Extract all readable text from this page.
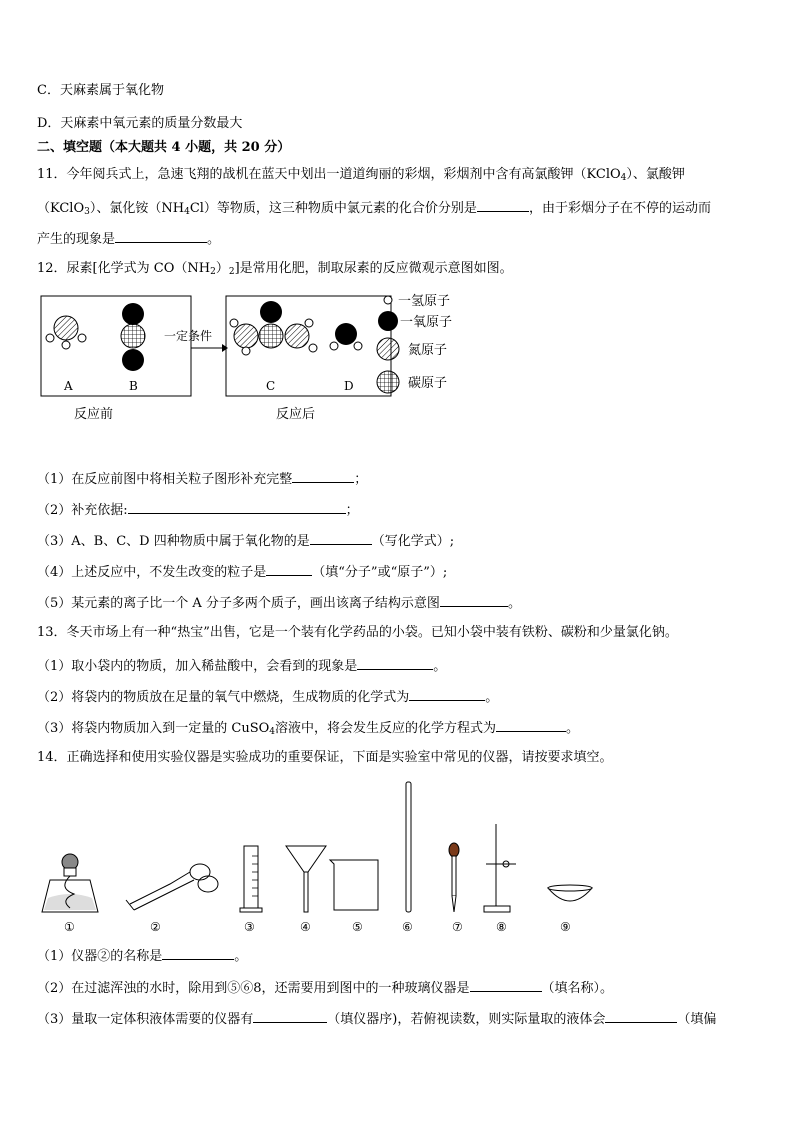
C．天麻素属于氧化物
D．天麻素中氧元素的质量分数最大
二、填空题（本大题共 4 小题，共 20 分）
11．今年阅兵式上，急速飞翔的战机在蓝天中划出一道道绚丽的彩烟，彩烟剂中含有高氯酸钾（KClO$_4$）、氯酸钾
（KClO$_3$）、氯化铵$(NH_4Cl)$等物质，这三种物质中氯元素的化合价分别是	，由于彩烟分子在不停的运动而
产生的现象是	。
12．尿素[化学式为 $CO(NH_2)_2$]是常用化肥，制取尿素的反应微观示意图如图。
A	B
一定条件
C	D
反应前	反应后
一氢原子
一氧原子
氮原子
碳原子
（1）在反应前图中将相关粒子图形补充完整	；
（2）补充依据:	；
（3）A、B、C、D 四种物质中属于氧化物的是	（写化学式）;
（4）上述反应中，不发生改变的粒子是	（填“分子”或“原子”）;
（5）某元素的离子比一个 A 分子多两个质子，画出该离子结构示意图	。
13．冬天市场上有一种“热宝”出售，它是一个装有化学药品的小袋。已知小袋中装有铁粉、碳粉和少量氯化钠。
（1）取小袋内的物质，加入稀盐酸中，会看到的现象是	。
（2）将袋内的物质放在足量的氧气中燃烧，生成物质的化学式为	。
（3）将袋内物质加入到一定量的 CuSO$_4$溶液中，将会发生反应的化学方程式为	。
14．正确选择和使用实验仪器是实验成功的重要保证，下面是实验室中常见的仪器，请按要求填空。
①	②	③	④	⑤	⑥	⑦	⑧	⑨
（1）仪器②的名称是	。
（2）在过滤浑浊的水时，除用到⑤⑥8，还需要用到图中的一种玻璃仪器是	（填名称）。
（3）量取一定体积液体需要的仪器有	（填仪器序)，若俯视读数，则实际量取的液体会	（填偏
